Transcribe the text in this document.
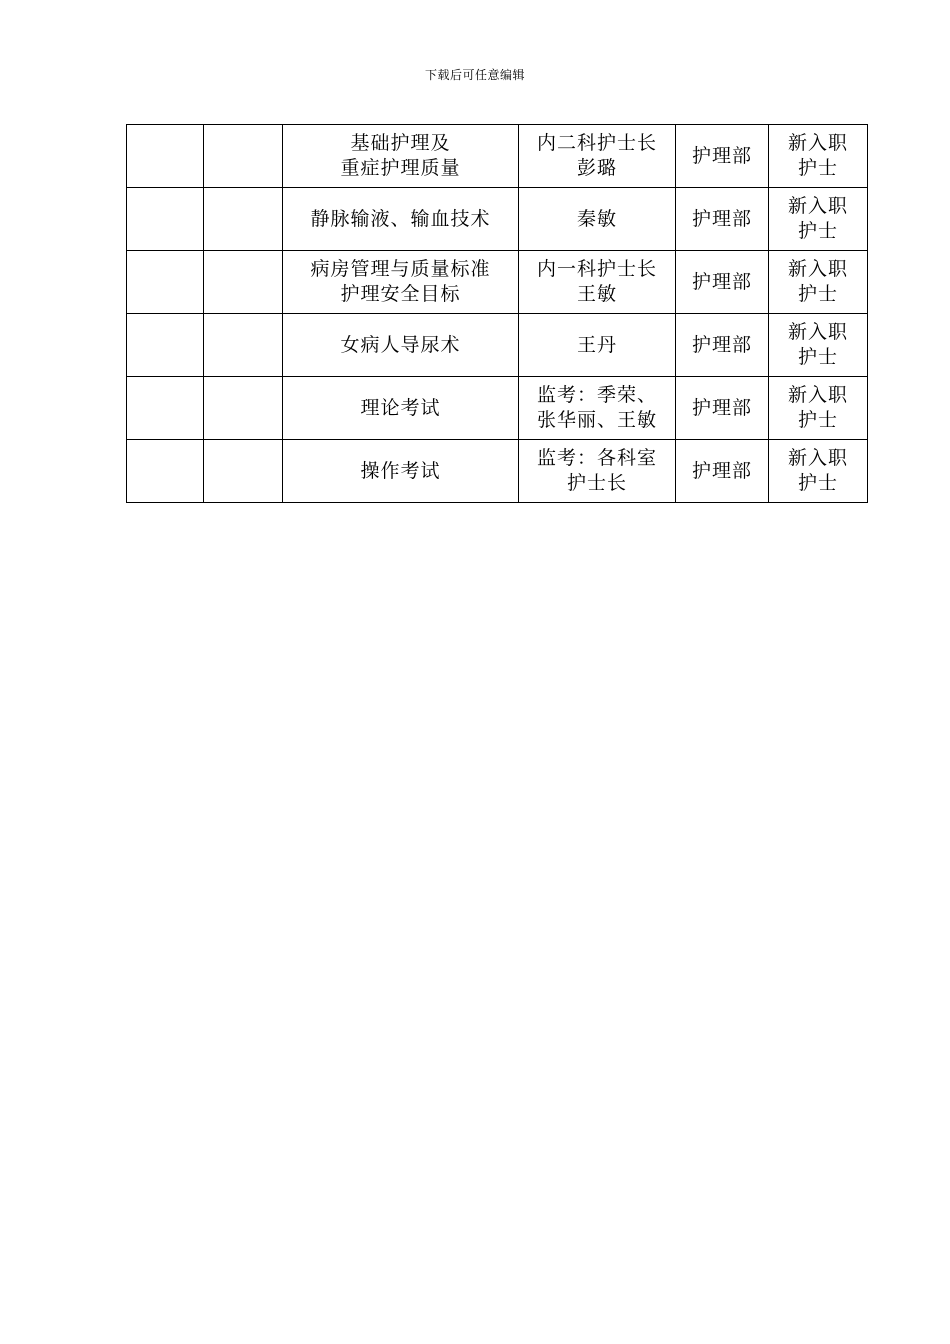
下载后可任意编辑

		基础护理及
重症护理质量	内二科护士长
彭璐	护理部	新入职
护士

		静脉输液、输血技术	秦敏	护理部	新入职
护士

		病房管理与质量标准
护理安全目标	内一科护士长
王敏	护理部	新入职
护士

		女病人导尿术	王丹	护理部	新入职
护士

		理论考试	监考：季荣、
张华丽、王敏	护理部	新入职
护士

		操作考试	监考：各科室
护士长	护理部	新入职
护士
